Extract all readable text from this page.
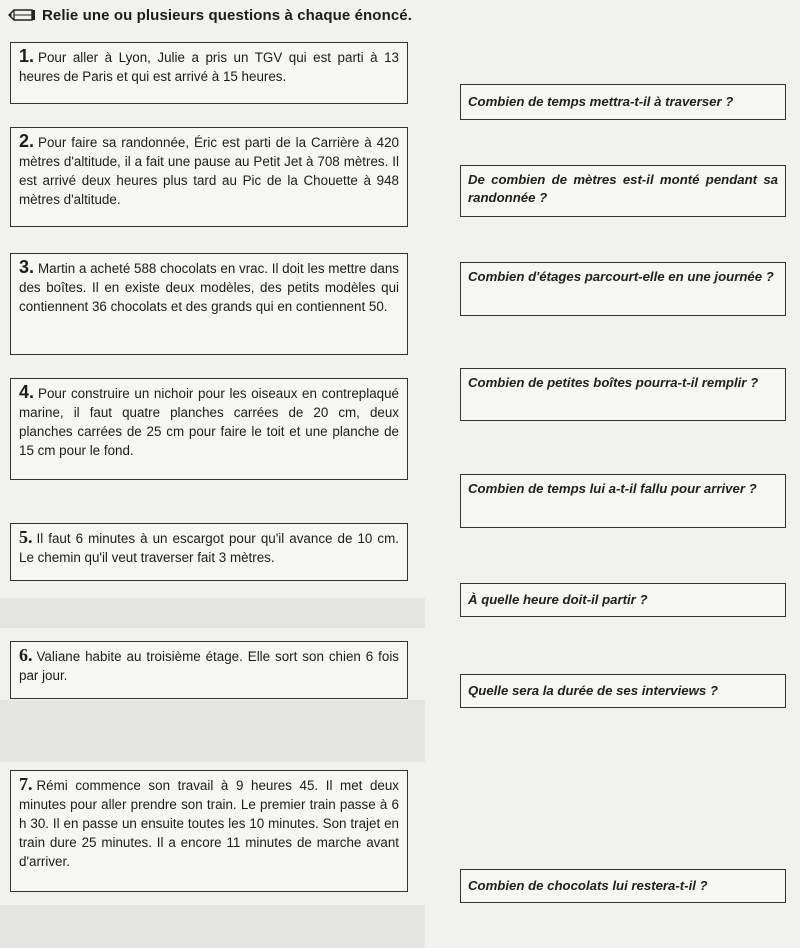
Relie une ou plusieurs questions à chaque énoncé.
1. Pour aller à Lyon, Julie a pris un TGV qui est parti à 13 heures de Paris et qui est arrivé à 15 heures.
2. Pour faire sa randonnée, Éric est parti de la Carrière à 420 mètres d'altitude, il a fait une pause au Petit Jet à 708 mètres. Il est arrivé deux heures plus tard au Pic de la Chouette à 948 mètres d'altitude.
3. Martin a acheté 588 chocolats en vrac. Il doit les mettre dans des boîtes. Il en existe deux modèles, des petits modèles qui contiennent 36 chocolats et des grands qui en contiennent 50.
4. Pour construire un nichoir pour les oiseaux en contreplaqué marine, il faut quatre planches carrées de 20 cm, deux planches carrées de 25 cm pour faire le toit et une planche de 15 cm pour le fond.
5. Il faut 6 minutes à un escargot pour qu'il avance de 10 cm. Le chemin qu'il veut traverser fait 3 mètres.
6. Valiane habite au troisième étage. Elle sort son chien 6 fois par jour.
7. Rémi commence son travail à 9 heures 45. Il met deux minutes pour aller prendre son train. Le premier train passe à 6 h 30. Il en passe un ensuite toutes les 10 minutes. Son trajet en train dure 25 minutes. Il a encore 11 minutes de marche avant d'arriver.
Combien de temps mettra-t-il à traverser ?
De combien de mètres est-il monté pendant sa randonnée ?
Combien d'étages parcourt-elle en une journée ?
Combien de petites boîtes pourra-t-il remplir ?
Combien de temps lui a-t-il fallu pour arriver ?
À quelle heure doit-il partir ?
Quelle sera la durée de ses interviews ?
Combien de chocolats lui restera-t-il ?
